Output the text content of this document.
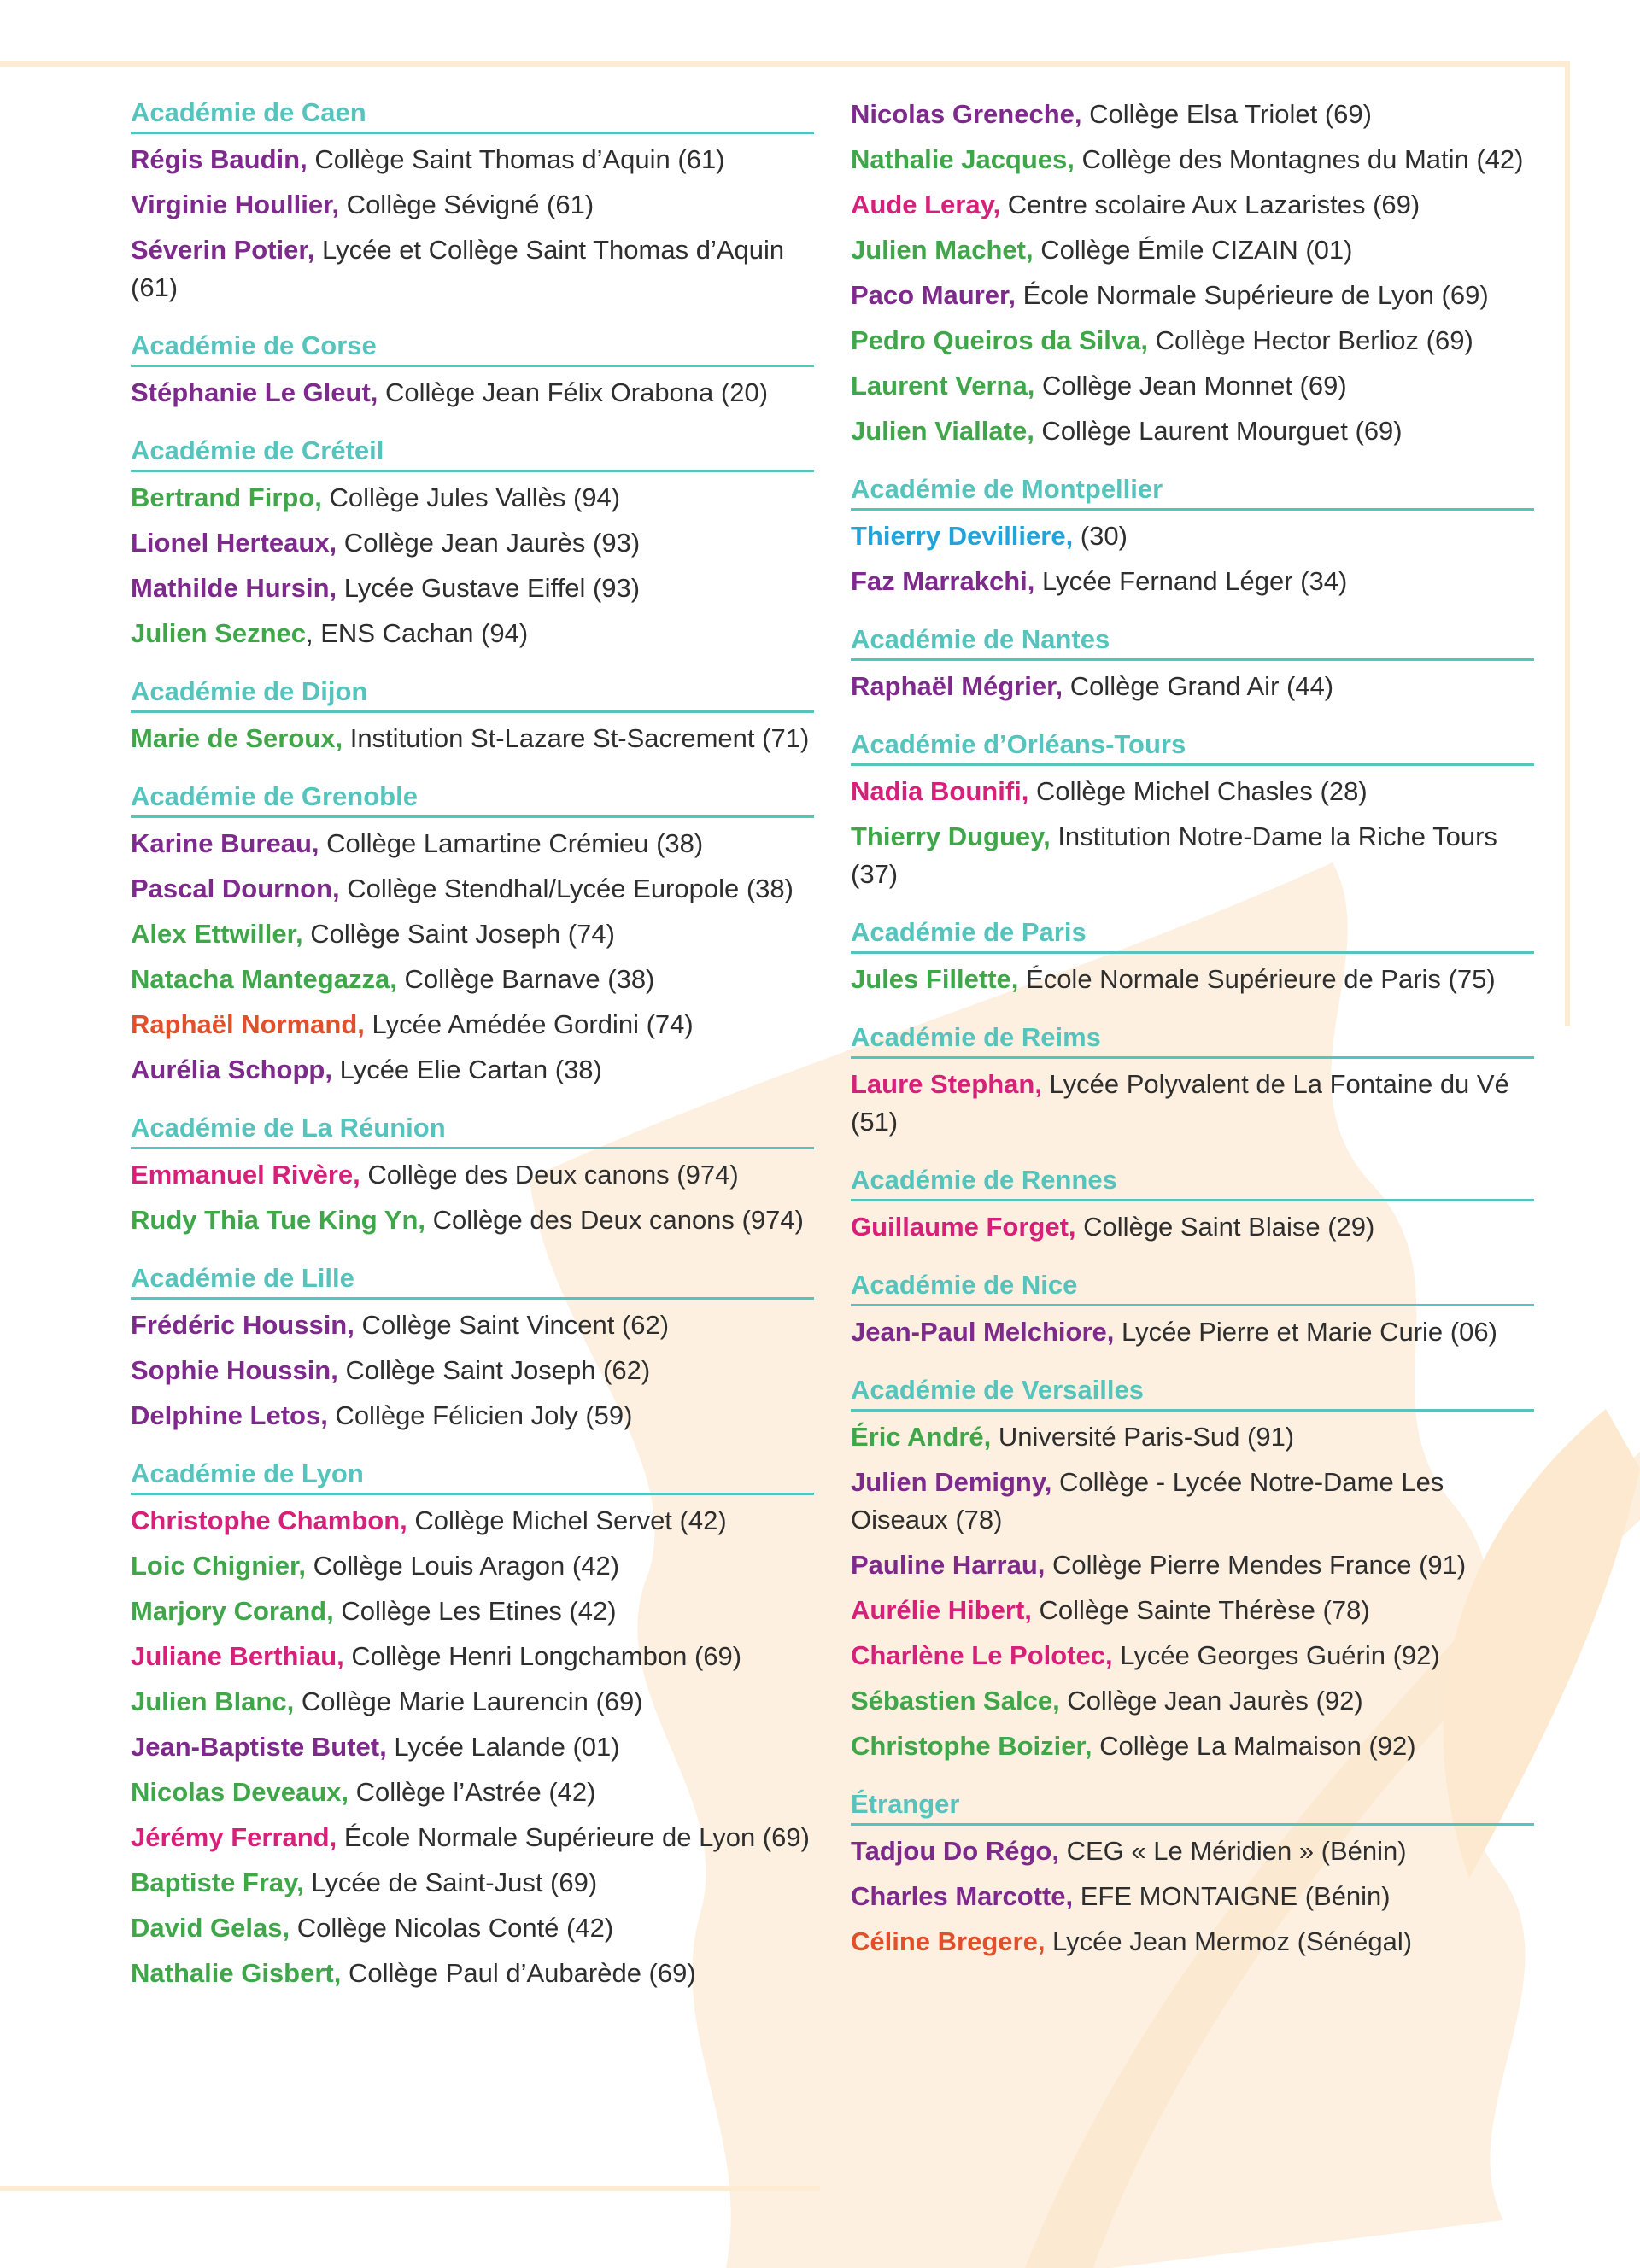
Académie de Caen
Régis Baudin, Collège Saint Thomas d’Aquin (61)
Virginie Houllier, Collège Sévigné (61)
Séverin Potier, Lycée et Collège Saint Thomas d’Aquin (61)
Académie de Corse
Stéphanie Le Gleut, Collège Jean Félix Orabona (20)
Académie de Créteil
Bertrand Firpo, Collège Jules Vallès (94)
Lionel Herteaux, Collège Jean Jaurès (93)
Mathilde Hursin, Lycée Gustave Eiffel (93)
Julien Seznec, ENS Cachan (94)
Académie de Dijon
Marie de Seroux, Institution St-Lazare St-Sacrement (71)
Académie de Grenoble
Karine Bureau, Collège Lamartine Crémieu (38)
Pascal Dournon, Collège Stendhal/Lycée Europole (38)
Alex Ettwiller, Collège Saint Joseph (74)
Natacha Mantegazza, Collège Barnave (38)
Raphaël Normand, Lycée Amédée Gordini (74)
Aurélia Schopp, Lycée Elie Cartan (38)
Académie de La Réunion
Emmanuel Rivère, Collège des Deux canons (974)
Rudy Thia Tue King Yn, Collège des Deux canons (974)
Académie de Lille
Frédéric Houssin, Collège Saint Vincent (62)
Sophie Houssin, Collège Saint Joseph (62)
Delphine Letos, Collège Félicien Joly (59)
Académie de Lyon
Christophe Chambon, Collège Michel Servet (42)
Loic Chignier, Collège Louis Aragon (42)
Marjory Corand, Collège Les Etines (42)
Juliane Berthiau, Collège Henri Longchambon (69)
Julien Blanc, Collège Marie Laurencin (69)
Jean-Baptiste Butet, Lycée Lalande (01)
Nicolas Deveaux, Collège l’Astrée (42)
Jérémy Ferrand, École Normale Supérieure de Lyon (69)
Baptiste Fray, Lycée de Saint-Just (69)
David Gelas, Collège Nicolas Conté (42)
Nathalie Gisbert, Collège Paul d’Aubarède (69)
Nicolas Greneche, Collège Elsa Triolet (69)
Nathalie Jacques, Collège des Montagnes du Matin (42)
Aude Leray, Centre scolaire Aux Lazaristes (69)
Julien Machet, Collège Émile CIZAIN (01)
Paco Maurer, École Normale Supérieure de Lyon (69)
Pedro Queiros da Silva, Collège Hector Berlioz (69)
Laurent Verna, Collège Jean Monnet (69)
Julien Viallate, Collège Laurent Mourguet (69)
Académie de Montpellier
Thierry Devilliere, (30)
Faz Marrakchi, Lycée Fernand Léger (34)
Académie de Nantes
Raphaël Mégrier, Collège Grand Air (44)
Académie d’Orléans-Tours
Nadia Bounifi, Collège Michel Chasles (28)
Thierry Duguey, Institution Notre-Dame la Riche Tours (37)
Académie de Paris
Jules Fillette, École Normale Supérieure de Paris (75)
Académie de Reims
Laure Stephan, Lycée Polyvalent de La Fontaine du Vé (51)
Académie de Rennes
Guillaume Forget, Collège Saint Blaise (29)
Académie de Nice
Jean-Paul Melchiore, Lycée Pierre et Marie Curie (06)
Académie de Versailles
Éric André, Université Paris-Sud (91)
Julien Demigny, Collège - Lycée Notre-Dame Les Oiseaux (78)
Pauline Harrau, Collège Pierre Mendes France (91)
Aurélie Hibert, Collège Sainte Thérèse (78)
Charlène Le Polotec, Lycée Georges Guérin (92)
Sébastien Salce, Collège Jean Jaurès (92)
Christophe Boizier, Collège La Malmaison (92)
Étranger
Tadjou Do Régo, CEG « Le Méridien » (Bénin)
Charles Marcotte, EFE MONTAIGNE (Bénin)
Céline Bregere, Lycée Jean Mermoz (Sénégal)
